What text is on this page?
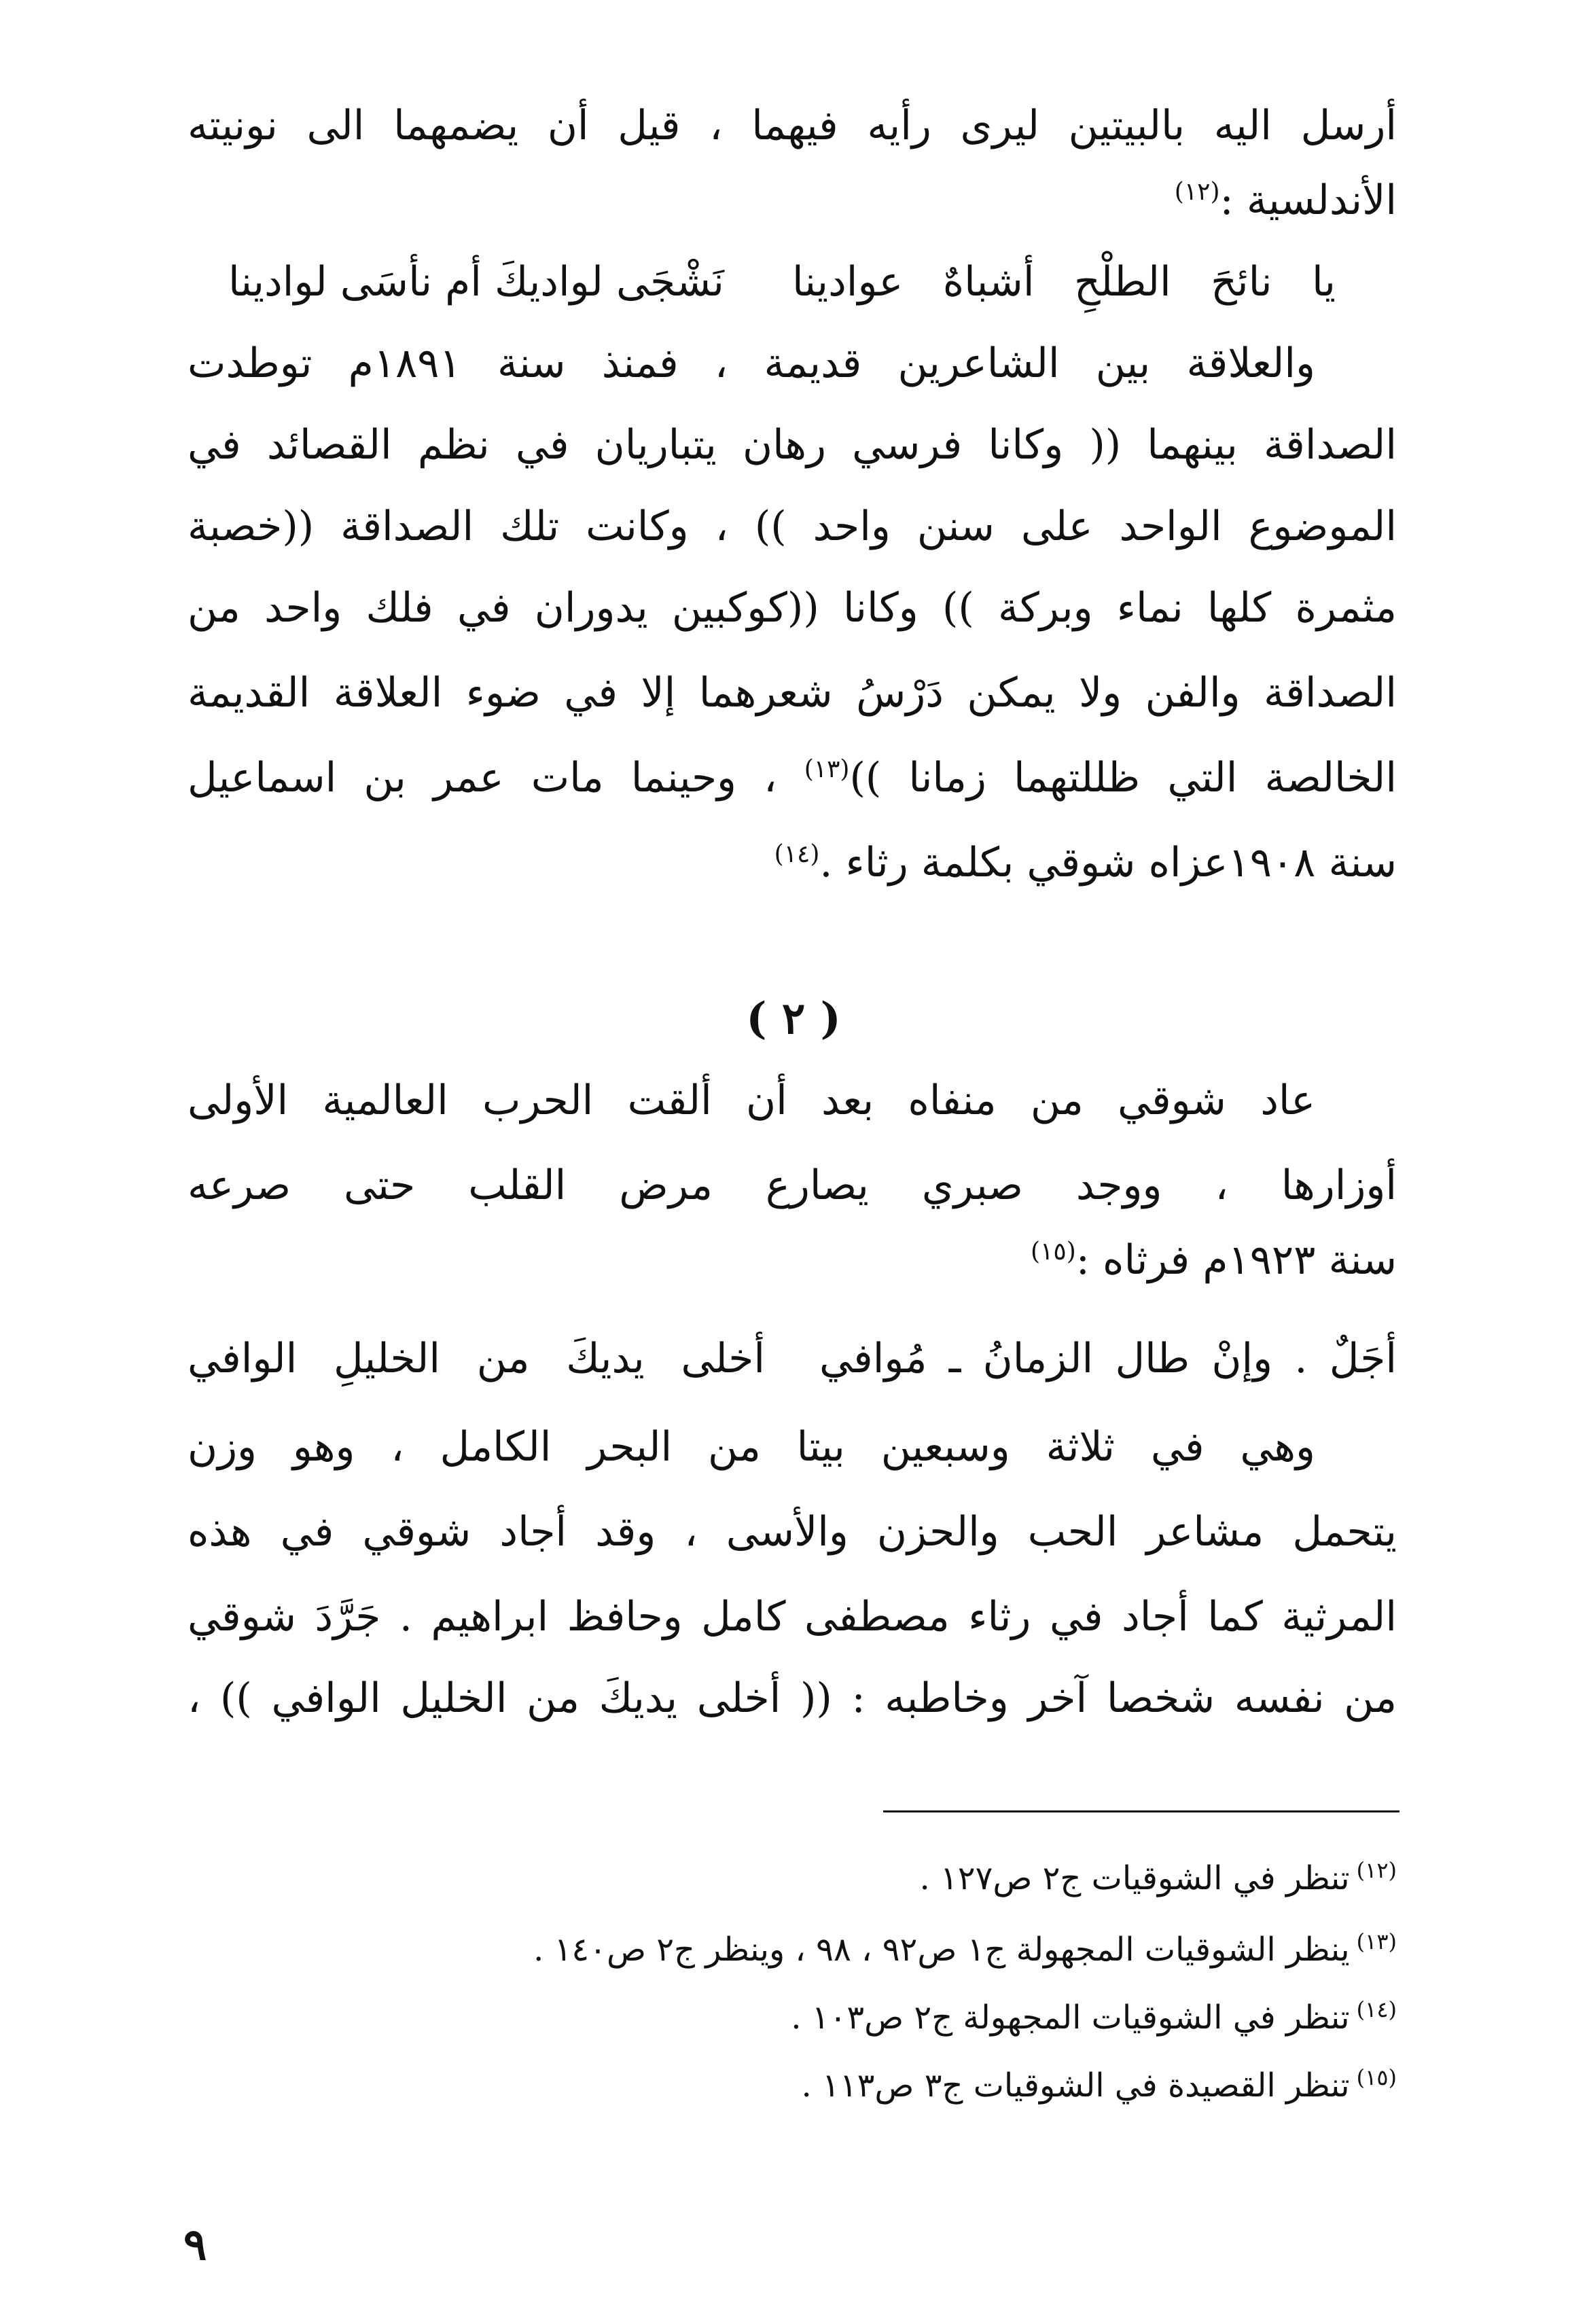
أرسل اليه بالبيتين ليرى رأيه فيهما ، قيل أن يضمهما الى نونيته
الأندلسية :$^{(١٢)}$
يا نائحَ الطلْحِ أشباهٌ عوادينا
نَشْجَى لواديكَ أم نأسَى لوادينا
والعلاقة بين الشاعرين قديمة ، فمنذ سنة ١٨٩١م توطدت
الصداقة بينهما (( وكانا فرسي رهان يتباريان في نظم القصائد في
الموضوع الواحد على سنن واحد )) ، وكانت تلك الصداقة ((خصبة
مثمرة كلها نماء وبركة )) وكانا ((كوكبين يدوران في فلك واحد من
الصداقة والفن ولا يمكن دَرْسُ شعرهما إلا في ضوء العلاقة القديمة
الخالصة التي ظللتهما زمانا ))$^{(١٣)}$ ، وحينما مات عمر بن اسماعيل
سنة ١٩٠٨عزاه شوقي بكلمة رثاء .$^{(١٤)}$
( ٢ )
عاد شوقي من منفاه بعد أن ألقت الحرب العالمية الأولى
أوزارها ، ووجد صبري يصارع مرض القلب حتى صرعه
سنة ١٩٢٣م فرثاه :$^{(١٥)}$
أجَلٌ . وإنْ طال الزمانُ ـ مُوافي
أخلى يديكَ من الخليلِ الوافي
وهي في ثلاثة وسبعين بيتا من البحر الكامل ، وهو وزن
يتحمل مشاعر الحب والحزن والأسى ، وقد أجاد شوقي في هذه
المرثية كما أجاد في رثاء مصطفى كامل وحافظ ابراهيم . جَرَّدَ شوقي
من نفسه شخصا آخر وخاطبه : (( أخلى يديكَ من الخليل الوافي )) ،
$^{(١٢)}$تنظر في الشوقيات ج٢ ص١٢٧ .
$^{(١٣)}$ينظر الشوقيات المجهولة ج١ ص٩٢ ، ٩٨ ، وينظر ج٢ ص١٤٠ .
$^{(١٤)}$تنظر في الشوقيات المجهولة ج٢ ص١٠٣ .
$^{(١٥)}$تنظر القصيدة في الشوقيات ج٣ ص١١٣ .
٩
